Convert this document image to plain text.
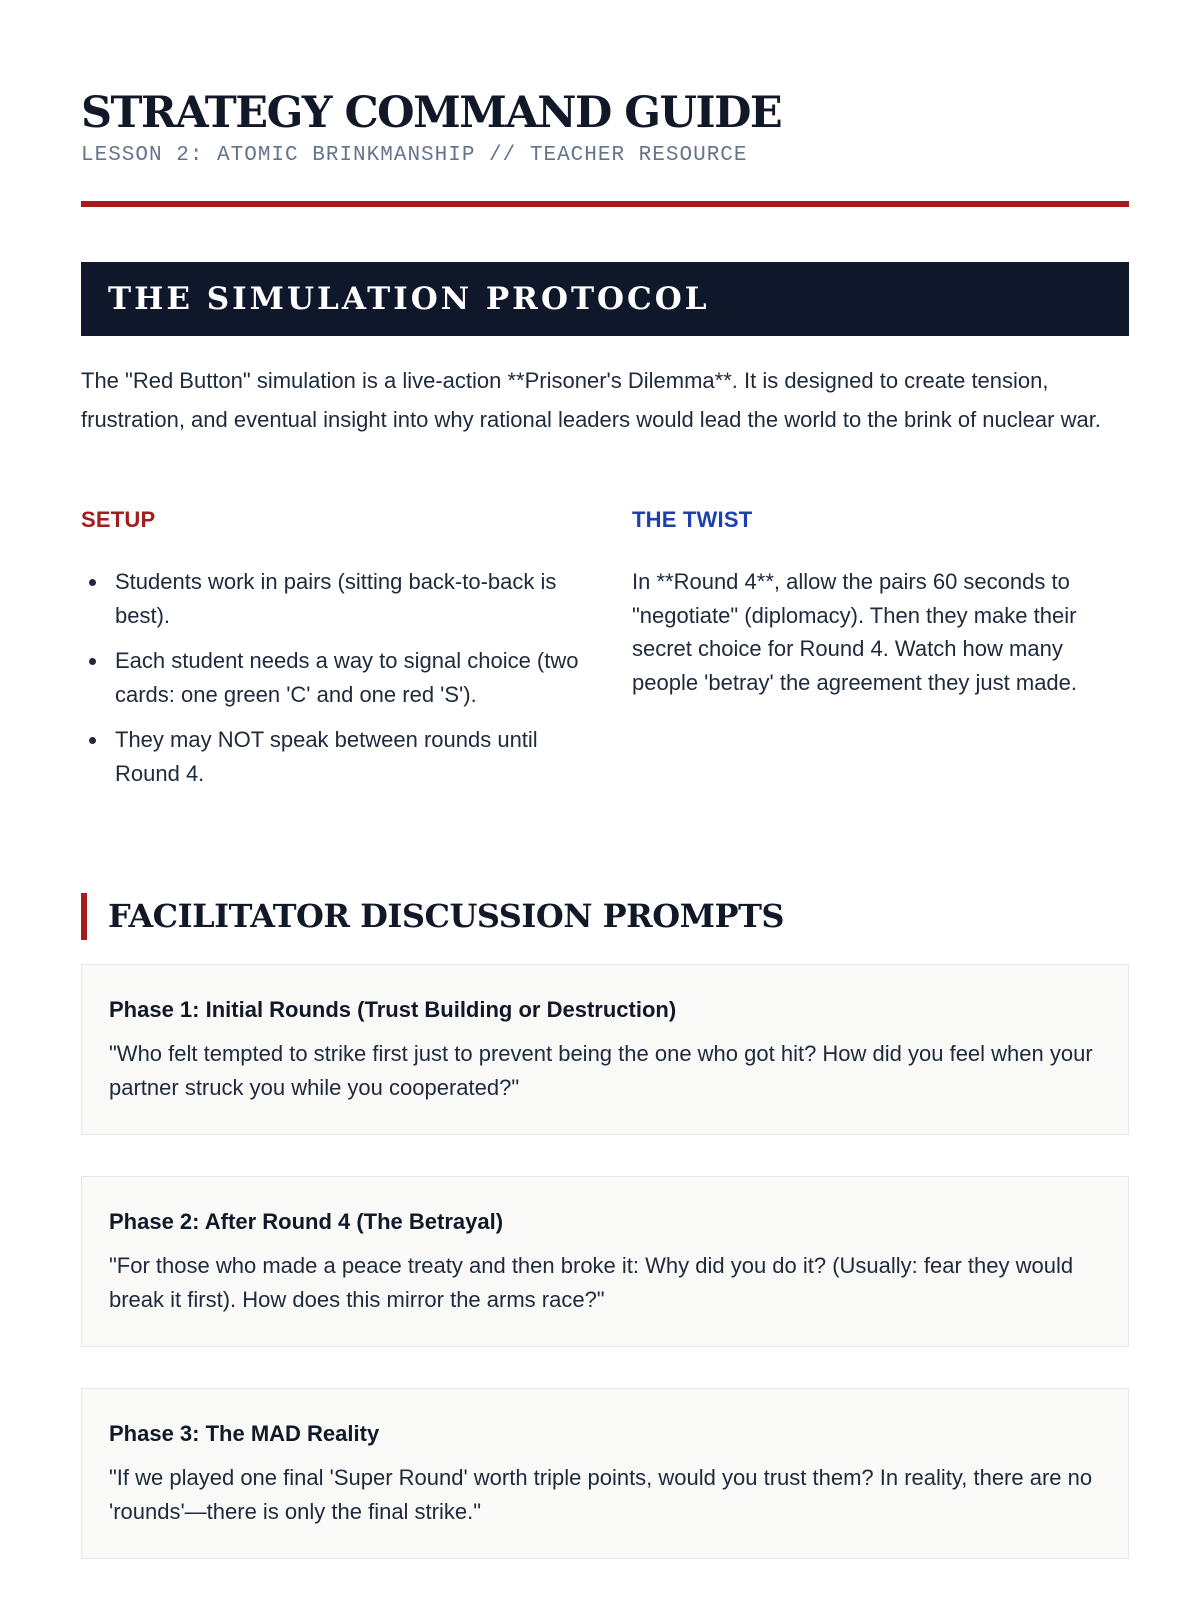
STRATEGY COMMAND GUIDE
LESSON 2: ATOMIC BRINKMANSHIP // TEACHER RESOURCE
THE SIMULATION PROTOCOL

The "Red Button" simulation is a live-action **Prisoner's Dilemma**. It is designed to create tension, frustration, and eventual insight into why rational leaders would lead the world to the brink of nuclear war.

SETUP
Students work in pairs (sitting back-to-back is best).
Each student needs a way to signal choice (two cards: one green 'C' and one red 'S').
They may NOT speak between rounds until Round 4.
THE TWIST

In **Round 4**, allow the pairs 60 seconds to "negotiate" (diplomacy). Then they make their secret choice for Round 4. Watch how many people 'betray' the agreement they just made.

FACILITATOR DISCUSSION PROMPTS
Phase 1: Initial Rounds (Trust Building or Destruction)

"Who felt tempted to strike first just to prevent being the one who got hit? How did you feel when your partner struck you while you cooperated?"

Phase 2: After Round 4 (The Betrayal)

"For those who made a peace treaty and then broke it: Why did you do it? (Usually: fear they would break it first). How does this mirror the arms race?"

Phase 3: The MAD Reality

"If we played one final 'Super Round' worth triple points, would you trust them? In reality, there are no 'rounds'—there is only the final strike."
